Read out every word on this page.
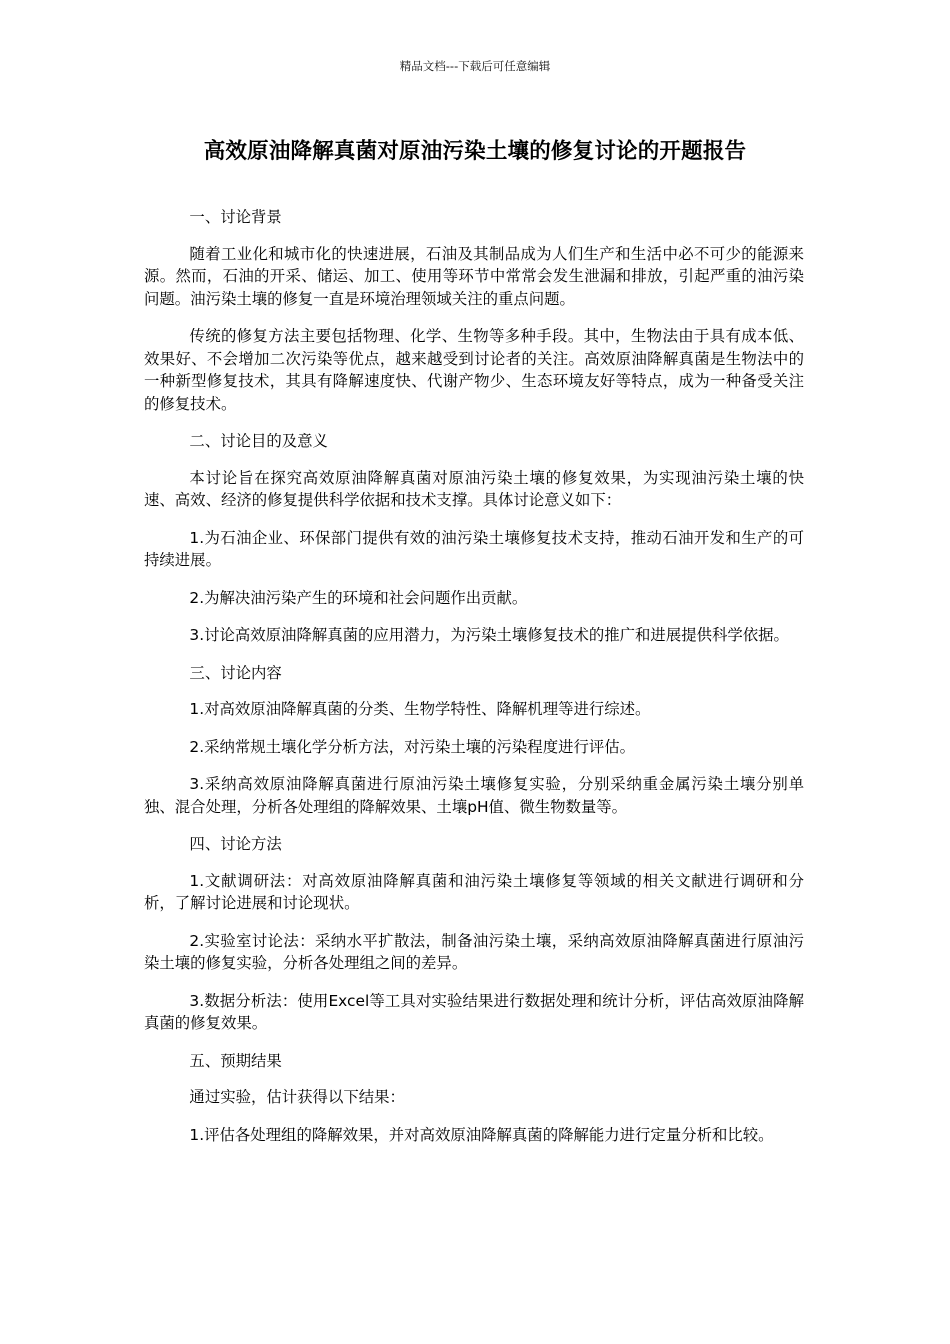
精品文档---下载后可任意编辑
高效原油降解真菌对原油污染土壤的修复讨论的开题报告

一、讨论背景

随着工业化和城市化的快速进展，石油及其制品成为人们生产和生活中必不可少的能源来源。然而，石油的开采、储运、加工、使用等环节中常常会发生泄漏和排放，引起严重的油污染问题。油污染土壤的修复一直是环境治理领域关注的重点问题。

传统的修复方法主要包括物理、化学、生物等多种手段。其中，生物法由于具有成本低、效果好、不会增加二次污染等优点，越来越受到讨论者的关注。高效原油降解真菌是生物法中的一种新型修复技术，其具有降解速度快、代谢产物少、生态环境友好等特点，成为一种备受关注的修复技术。

二、讨论目的及意义

本讨论旨在探究高效原油降解真菌对原油污染土壤的修复效果，为实现油污染土壤的快速、高效、经济的修复提供科学依据和技术支撑。具体讨论意义如下：

1.为石油企业、环保部门提供有效的油污染土壤修复技术支持，推动石油开发和生产的可持续进展。

2.为解决油污染产生的环境和社会问题作出贡献。

3.讨论高效原油降解真菌的应用潜力，为污染土壤修复技术的推广和进展提供科学依据。

三、讨论内容

1.对高效原油降解真菌的分类、生物学特性、降解机理等进行综述。

2.采纳常规土壤化学分析方法，对污染土壤的污染程度进行评估。

3.采纳高效原油降解真菌进行原油污染土壤修复实验，分别采纳重金属污染土壤分别单独、混合处理，分析各处理组的降解效果、土壤pH值、微生物数量等。

四、讨论方法

1.文献调研法：对高效原油降解真菌和油污染土壤修复等领域的相关文献进行调研和分析，了解讨论进展和讨论现状。

2.实验室讨论法：采纳水平扩散法，制备油污染土壤，采纳高效原油降解真菌进行原油污染土壤的修复实验，分析各处理组之间的差异。

3.数据分析法：使用Excel等工具对实验结果进行数据处理和统计分析，评估高效原油降解真菌的修复效果。

五、预期结果

通过实验，估计获得以下结果：

1.评估各处理组的降解效果，并对高效原油降解真菌的降解能力进行定量分析和比较。
